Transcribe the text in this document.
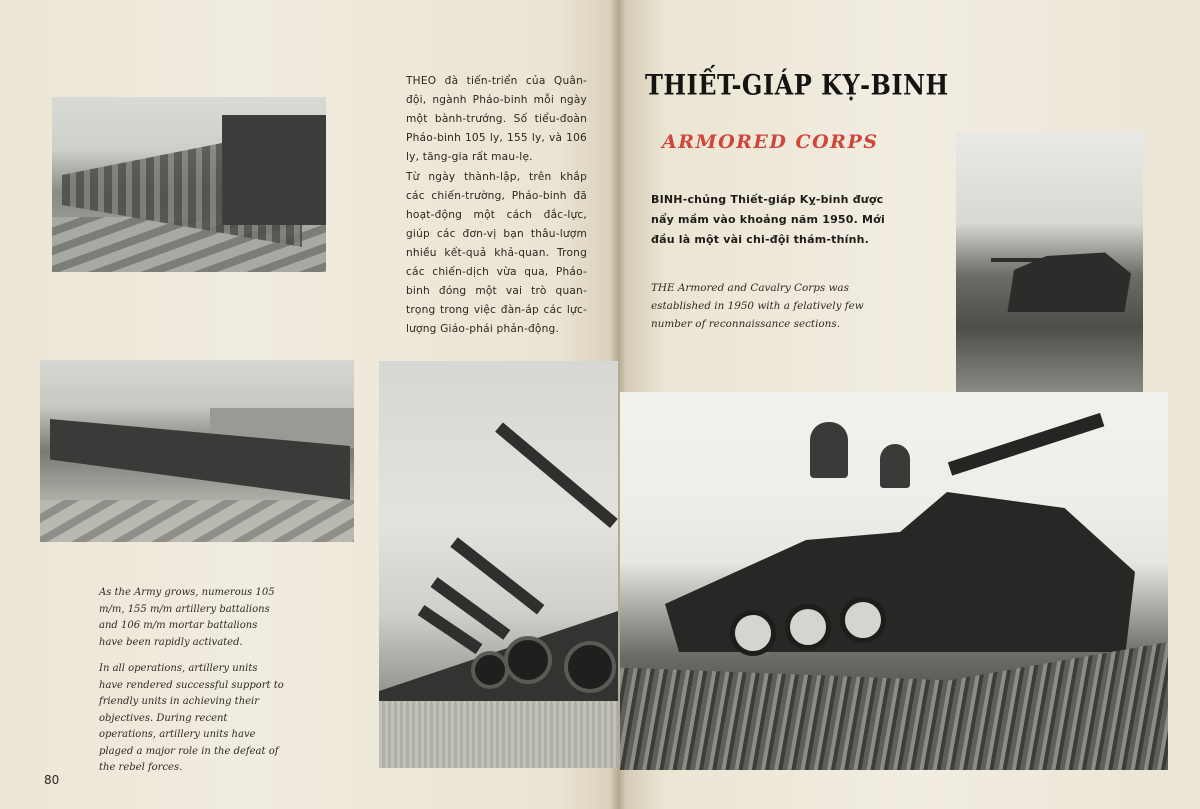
THEO đà tiến-triển của Quân-đội, ngành Pháo-binh mỗi ngày một bành-trướng. Số tiểu-đoàn Pháo-binh 105 ly, 155 ly, và 106 ly, tăng-gia rất mau-lẹ.

Từ ngày thành-lập, trên khắp các chiến-trường, Pháo-binh đã hoạt-động một cách đắc-lực, giúp các đơn-vị bạn thâu-lượm nhiều kết-quả khả-quan. Trong các chiến-dịch vừa qua, Pháo-binh đóng một vai trò quan-trọng trong việc đàn-áp các lực-lượng Giáo-phái phản-động.

As the Army grows, numerous 105 m/m, 155 m/m artillery battalions and 106 m/m mortar battalions have been rapidly activated.

In all operations, artillery units have rendered successful support to friendly units in achieving their objectives. During recent operations, artillery units have plaged a major role in the defeat of the rebel forces.

80
THIẾT-GIÁP KỴ-BINH
ARMORED CORPS

BINH-chủng Thiết-giáp Kỵ-binh được nẩy mầm vào khoảng năm 1950. Mới đầu là một vài chi-đội thám-thính.

THE Armored and Cavalry Corps was established in 1950 with a felatively few number of reconnaissance sections.
